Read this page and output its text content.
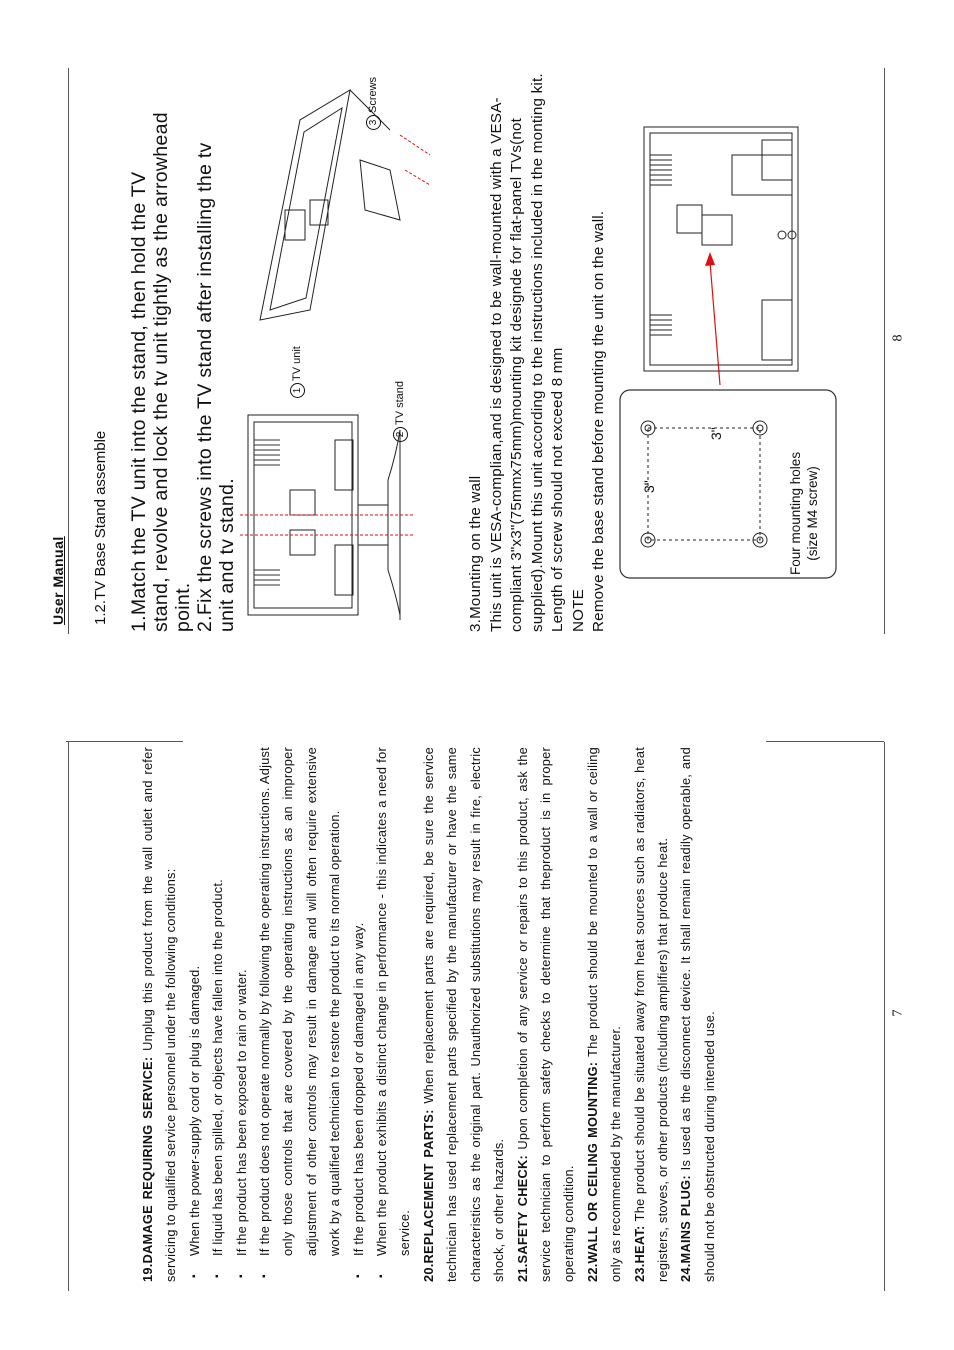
19.DAMAGE REQUIRING SERVICE: Unplug this product from the wall outlet and refer servicing to qualified service personnel under the following conditions: ▪ When the power-supply cord or plug is damaged. ▪ If liquid has been spilled, or objects have fallen into the product. ▪ If the product has been exposed to rain or water. ▪ If the product does not operate normally by following the operating instructions. Adjust only those controls that are covered by the operating instructions as an improper adjustment of other controls may result in damage and will often require extensive work by a qualified technician to restore the product to its normal operation. ▪ If the product has been dropped or damaged in any way. ▪ When the product exhibits a distinct change in performance - this indicates a need for service. 20.REPLACEMENT PARTS: When replacement parts are required, be sure the service technician has used replacement parts specified by the manufacturer or have the same characteristics as the original part. Unauthorized substitutions may result in fire, electric shock, or other hazards. 21.SAFETY CHECK: Upon completion of any service or repairs to this product, ask the service technician to perform safety checks to determine that theproduct is in proper operating condition. 22.WALL OR CEILING MOUNTING: The product should be mounted to a wall or ceiling only as recommended by the manufacturer. 23.HEAT: The product should be situated away from heat sources such as radiators, heat registers, stoves, or other products (including amplifiers) that produce heat. 24.MAINS PLUG: Is used as the disconnect device. It shall remain readily operable, and should not be obstructed during intended use.	7
User Manual 1.2.TV Base Stand assemble 1.Match the TV unit into the stand, then hold the TV stand, revolve and lock the tv unit tightly as the arrowhead point. 2.Fix the screws into the TV stand after installing the tv unit and tv stand.
1TV unit
2TV stand
3Screws
3.Mounting on the wall This unit is VESA-complian,and is designed to be wall-mounted with a VESA-compliant 3"x3"(75mmx75mm)mounting kit designde for flat-panel TVs(not supplied).Mount this unit according to the instructions included in the monting kit. Length of screw should not exceed 8 mm NOTE Remove the base stand before mounting the unit on the wall. 3"
3"
Four mounting holes (size M4 screw)
8
